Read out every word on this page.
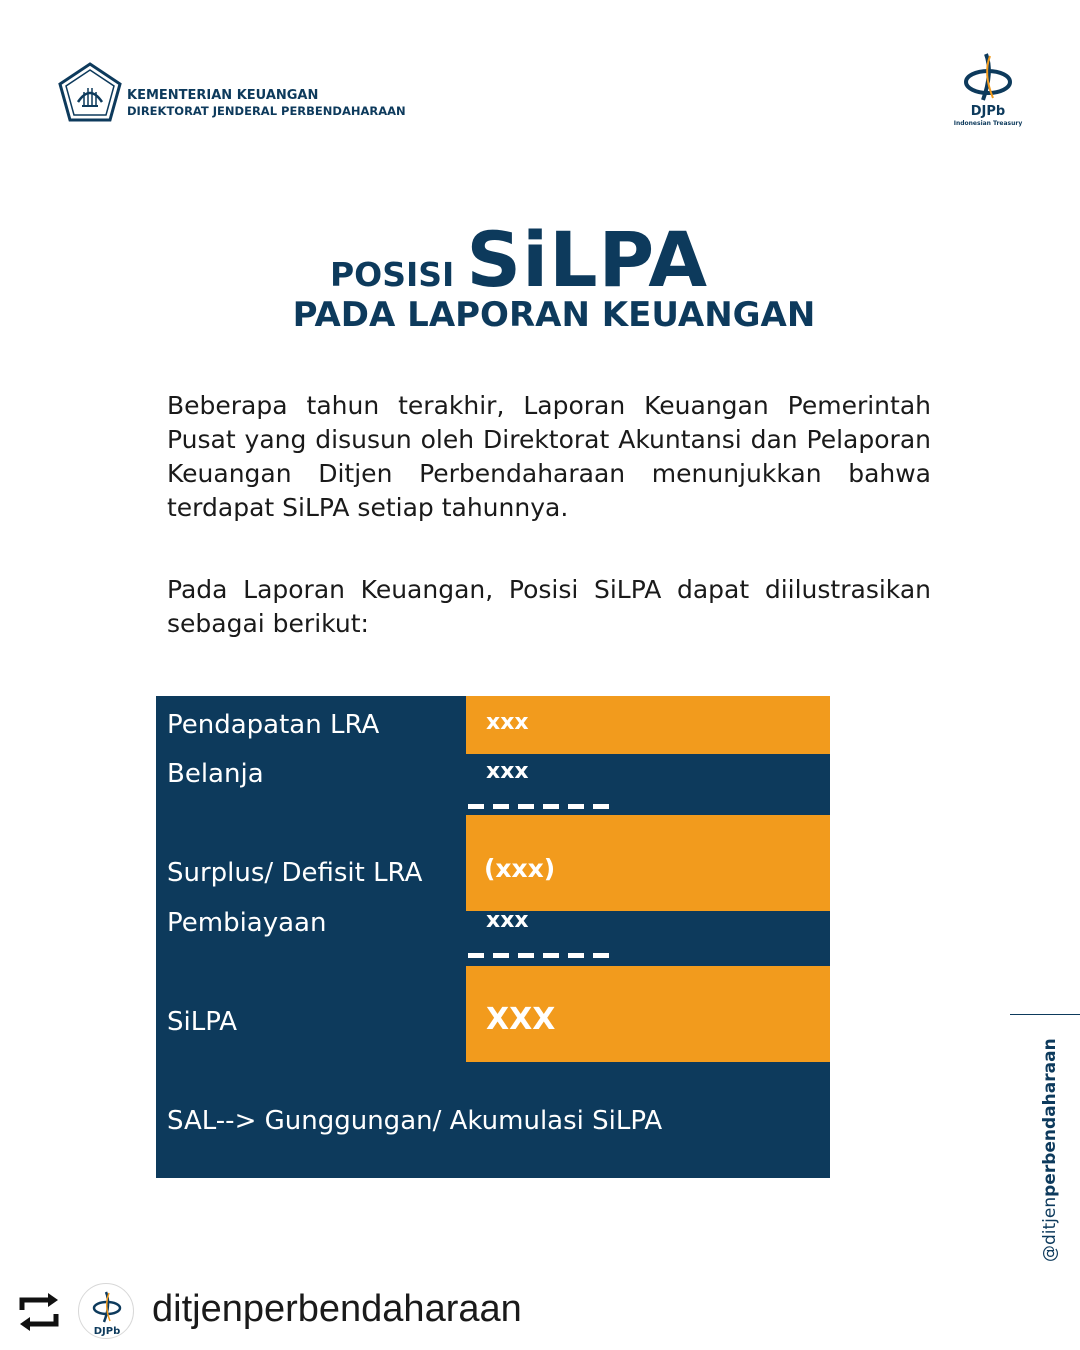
KEMENTERIAN KEUANGAN
DIREKTORAT JENDERAL PERBENDAHARAAN	DJPb
Indonesian Treasury
POSISI SiLPA
PADA LAPORAN KEUANGAN

Beberapa tahun terakhir, Laporan Keuangan Pemerintah Pusat yang disusun oleh Direktorat Akuntansi dan Pelaporan Keuangan Ditjen Perbendaharaan menunjukkan bahwa terdapat SiLPA setiap tahunnya.

Pada Laporan Keuangan, Posisi SiLPA dapat diilustrasikan sebagai berikut:

Pendapatan LRA	xxx
Belanja	xxx
Surplus/ Defisit LRA (xxx)
Pembiayaan	xxx
SiLPA	XXX
SAL--> Gunggungan/ Akumulasi SiLPA
@ditjenperbendaharaan
DJPb
ditjenperbendaharaan
